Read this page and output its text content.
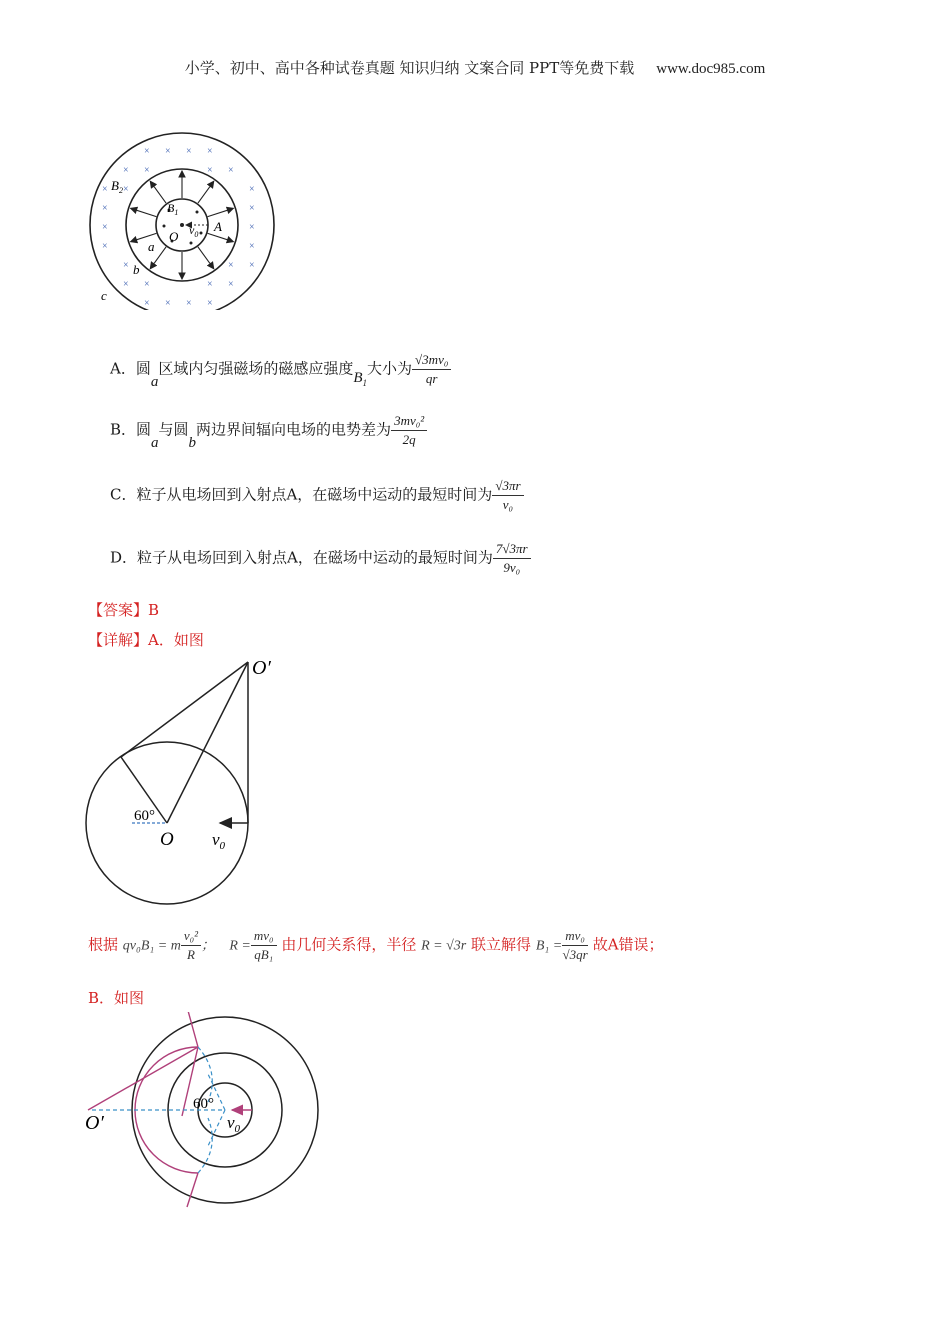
小学、初中、高中各种试卷真题 知识归纳 文案合同 PPT等免费下载 www.doc985.com
× × × ×
× ×	× ×
× ×	×
×	×
×	×
×	×
×	× ×
× ×	× ×
× × × ×
$B_2$
$B_1$
O $v_0$
A
a
b
c
A．圆a区域内匀强磁场的磁感应强度$B_1$大小为 $\frac{\text{√3mv₀}}{qr}$
B．圆a与圆b两边界间辐向电场的电势差为 $\frac{\text{3mv₀²}}{2q}$
C．粒子从电场回到入射点A，在磁场中运动的最短时间为 $\frac{√3\pi r}{\text{v₀}}$
D．粒子从电场回到入射点A，在磁场中运动的最短时间为 $\frac{7√3\pi r}{\text{9v₀}}$
【答案】B
【详解】A．如图
O′
60°
O $v_0$
根据 qv₀B₁ = m $\frac{\text{v₀²}}{R}$ ； $R = \frac{\text{mv₀}}{\text{qB₁}}$ 由几何关系得，半径 R = √3r 联立解得 $B_1 = \frac{\text{mv₀}}{√3qr}$ 故A错误；
B．如图
O′
60°
$v_0$
